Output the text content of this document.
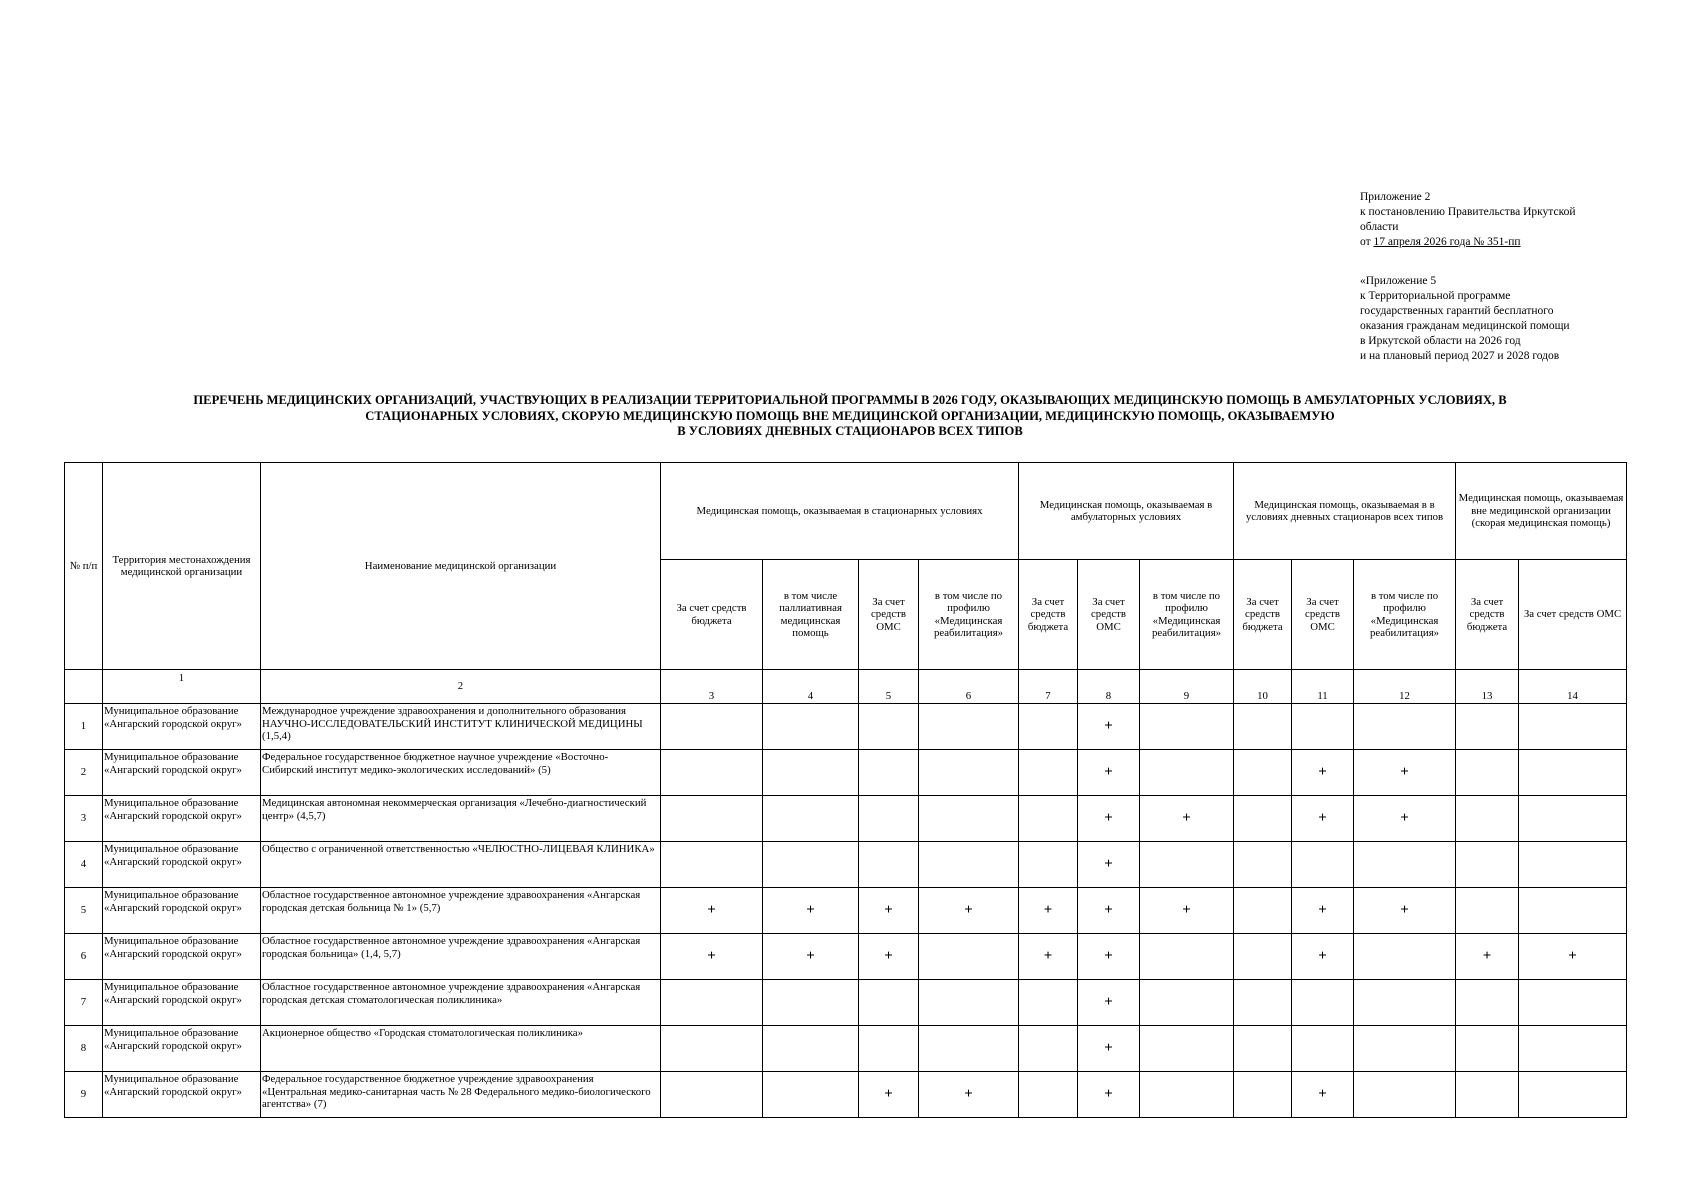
Приложение 2
к постановлению Правительства Иркутской
области
от 17 апреля 2026 года № 351-пп
«Приложение 5
к Территориальной программе
государственных гарантий бесплатного
оказания гражданам медицинской помощи
в Иркутской области на 2026 год
и на плановый период 2027 и 2028 годов
ПЕРЕЧЕНЬ МЕДИЦИНСКИХ ОРГАНИЗАЦИЙ, УЧАСТВУЮЩИХ В РЕАЛИЗАЦИИ ТЕРРИТОРИАЛЬНОЙ ПРОГРАММЫ В 2026 ГОДУ, ОКАЗЫВАЮЩИХ МЕДИЦИНСКУЮ ПОМОЩЬ В АМБУЛАТОРНЫХ УСЛОВИЯХ, В
СТАЦИОНАРНЫХ УСЛОВИЯХ, СКОРУЮ МЕДИЦИНСКУЮ ПОМОЩЬ ВНЕ МЕДИЦИНСКОЙ ОРГАНИЗАЦИИ, МЕДИЦИНСКУЮ ПОМОЩЬ, ОКАЗЫВАЕМУЮ
В УСЛОВИЯХ ДНЕВНЫХ СТАЦИОНАРОВ ВСЕХ ТИПОВ
№ п/п	Территория местонахождения медицинской организации	Наименование медицинской организации	Медицинская помощь, оказываемая в стационарных условиях				Медицинская помощь, оказываемая в амбулаторных условиях			Медицинская помощь, оказываемая в в условиях дневных стационаров всех типов			Медицинская помощь, оказываемая вне медицинской организации (скорая медицинская помощь)	
			За счет средств бюджета	в том числе паллиативная медицинская помощь	За счет средств ОМС	в том числе по профилю «Медицинская реабилитация»	За счет средств бюджета	За счет средств ОМС	в том числе по профилю «Медицинская реабилитация»	За счет средств бюджета	За счет средств ОМС	в том числе по профилю «Медицинская реабилитация»	За счет средств бюджета	За счет средств ОМС
	1	2	3	4	5	6	7	8	9	10	11	12	13	14
1	Муниципальное образование «Ангарский городской округ»	Международное учреждение здравоохранения и дополнительного образования НАУЧНО-ИССЛЕДОВАТЕЛЬСКИЙ ИНСТИТУТ КЛИНИЧЕСКОЙ МЕДИЦИНЫ (1,5,4)						+						
2	Муниципальное образование «Ангарский городской округ»	Федеральное государственное бюджетное научное учреждение «Восточно-Сибирский институт медико-экологических исследований» (5)						+			+	+		
3	Муниципальное образование «Ангарский городской округ»	Медицинская автономная некоммерческая организация «Лечебно-диагностический центр» (4,5,7)						+	+		+	+		
4	Муниципальное образование «Ангарский городской округ»	Общество с ограниченной ответственностью «ЧЕЛЮСТНО-ЛИЦЕВАЯ КЛИНИКА»						+						
5	Муниципальное образование «Ангарский городской округ»	Областное государственное автономное учреждение здравоохранения «Ангарская городская детская больница № 1» (5,7)	+	+	+	+	+	+	+		+	+		
6	Муниципальное образование «Ангарский городской округ»	Областное государственное автономное учреждение здравоохранения «Ангарская городская больница» (1,4, 5,7)	+	+	+		+	+			+		+	+
7	Муниципальное образование «Ангарский городской округ»	Областное государственное автономное учреждение здравоохранения «Ангарская городская детская стоматологическая поликлиника»						+						
8	Муниципальное образование «Ангарский городской округ»	Акционерное общество «Городская стоматологическая поликлиника»						+						
9	Муниципальное образование «Ангарский городской округ»	Федеральное государственное бюджетное учреждение здравоохранения «Центральная медико-санитарная часть № 28 Федерального медико-биологического агентства» (7)			+	+		+			+			
